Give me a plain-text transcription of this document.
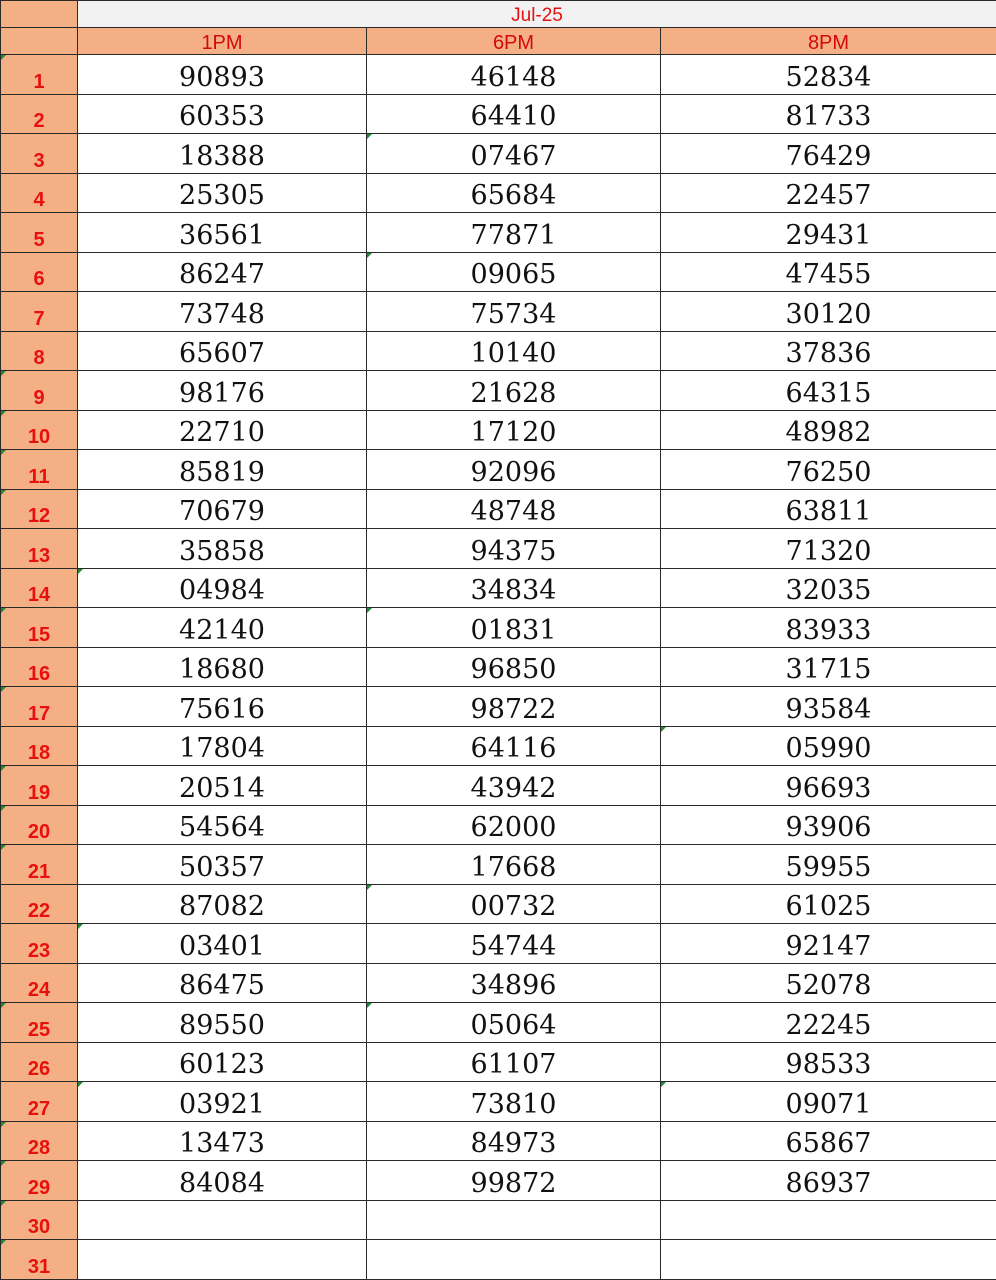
	Jul-25		
	1PM	6PM	8PM

1	90893	46148	52834
2	60353	64410	81733
3	18388	07467	76429
4	25305	65684	22457
5	36561	77871	29431
6	86247	09065	47455
7	73748	75734	30120
8	65607	10140	37836

9	98176	21628	64315

10	22710	17120	48982

11	85819	92096	76250

12	70679	48748	63811
13	35858	94375	71320
14	04984	34834	32035

15	42140	01831	83933
16	18680	96850	31715

17	75616	98722	93584
18	17804	64116	05990

19	20514	43942	96693

20	54564	62000	93906

21	50357	17668	59955
22	87082	00732	61025
23	03401	54744	92147
24	86475	34896	52078

25	89550	05064	22245
26	60123	61107	98533
27	03921	73810	09071

28	13473	84973	65867

29	84084	99872	86937

30			

31			
